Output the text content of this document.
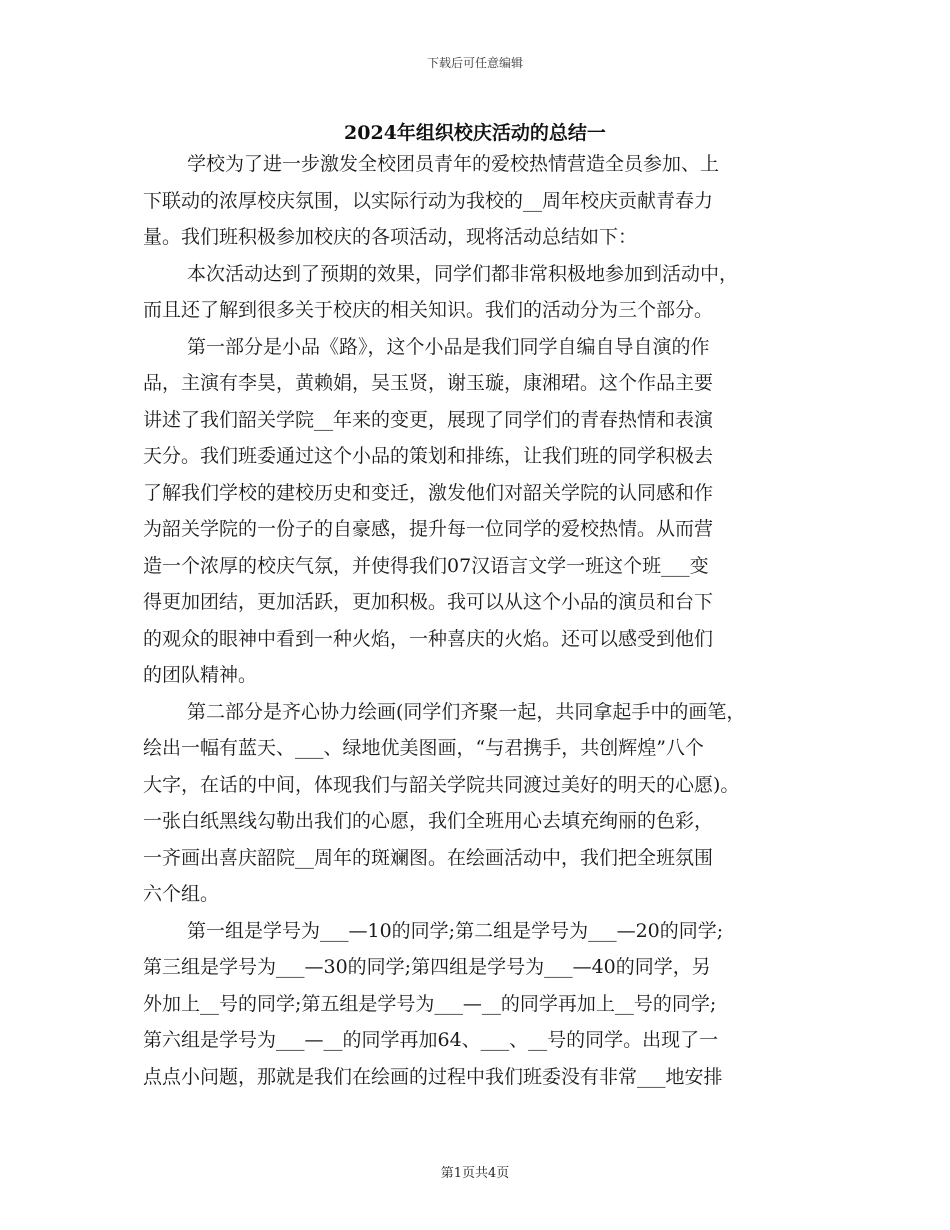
下载后可任意编辑
2024年组织校庆活动的总结一
学校为了进一步激发全校团员青年的爱校热情营造全员参加、上
下联动的浓厚校庆氛围，以实际行动为我校的__周年校庆贡献青春力
量。我们班积极参加校庆的各项活动，现将活动总结如下：
本次活动达到了预期的效果，同学们都非常积极地参加到活动中，
而且还了解到很多关于校庆的相关知识。我们的活动分为三个部分。
第一部分是小品《路》，这个小品是我们同学自编自导自演的作
品，主演有李昊，黄赖娟，吴玉贤，谢玉璇，康湘珺。这个作品主要
讲述了我们韶关学院__年来的变更，展现了同学们的青春热情和表演
天分。我们班委通过这个小品的策划和排练，让我们班的同学积极去
了解我们学校的建校历史和变迁，激发他们对韶关学院的认同感和作
为韶关学院的一份子的自豪感，提升每一位同学的爱校热情。从而营
造一个浓厚的校庆气氛，并使得我们07汉语言文学一班这个班___变
得更加团结，更加活跃，更加积极。我可以从这个小品的演员和台下
的观众的眼神中看到一种火焰，一种喜庆的火焰。还可以感受到他们
的团队精神。
第二部分是齐心协力绘画(同学们齐聚一起，共同拿起手中的画笔，
绘出一幅有蓝天、___、绿地优美图画，“与君携手，共创辉煌”八个
大字，在话的中间，体现我们与韶关学院共同渡过美好的明天的心愿)。
一张白纸黑线勾勒出我们的心愿，我们全班用心去填充绚丽的色彩，
一齐画出喜庆韶院__周年的斑斓图。在绘画活动中，我们把全班氛围
六个组。
第一组是学号为___—10的同学;第二组是学号为___—20的同学;
第三组是学号为___—30的同学;第四组是学号为___—40的同学，另
外加上__号的同学;第五组是学号为___—__的同学再加上__号的同学;
第六组是学号为___—__的同学再加64、___、__号的同学。出现了一
点点小问题，那就是我们在绘画的过程中我们班委没有非常___地安排
第1页共4页
